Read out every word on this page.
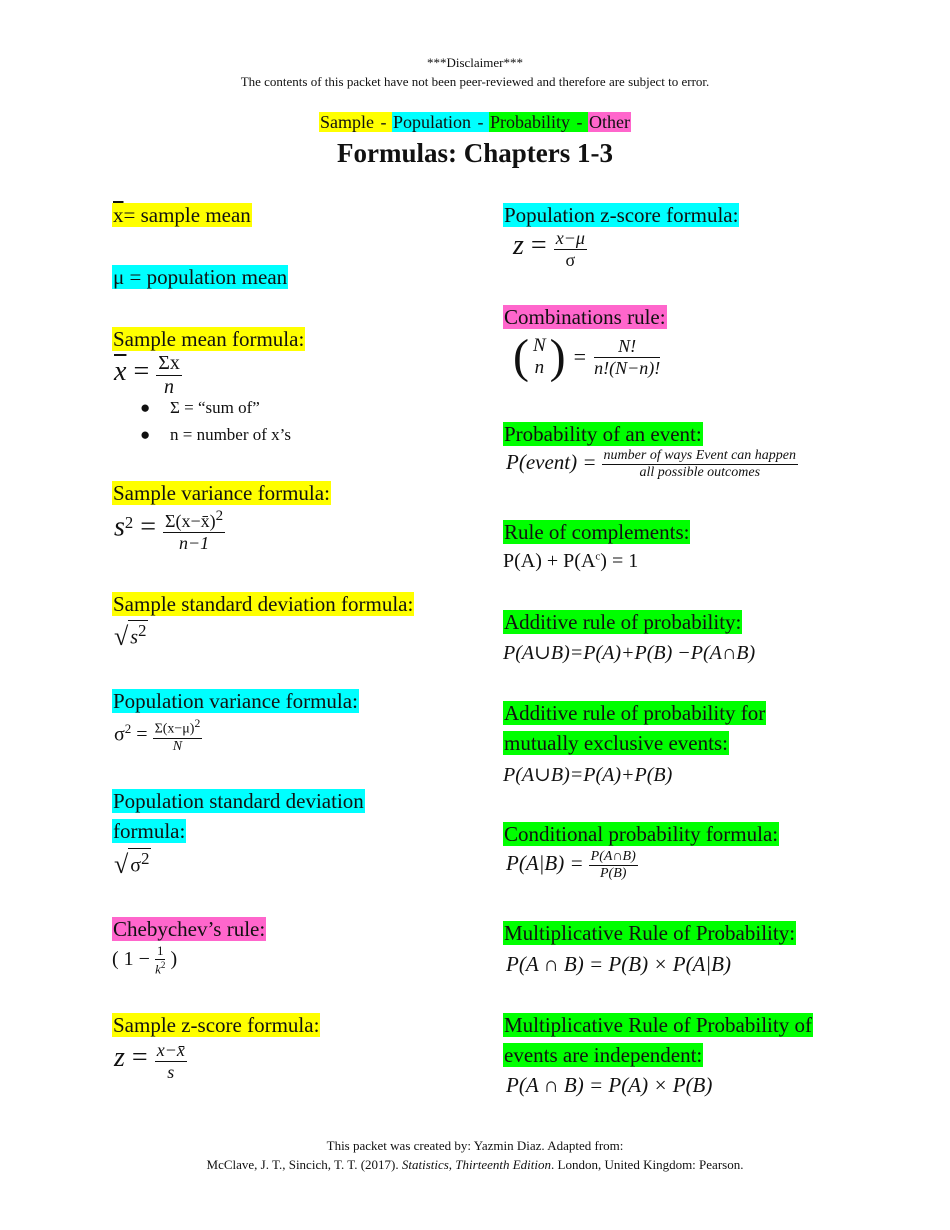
***Disclaimer***
The contents of this packet have not been peer-reviewed and therefore are subject to error.
Sample - Population - Probability - Other
Formulas: Chapters 1-3
$\overline{x}=$ sample mean
μ = population mean
Sample mean formula:
$\overline{x} = \frac{\Sigma x}{n}$
● Σ = “sum of”
● n = number of x’s
Sample variance formula:
$s^2 = \frac{\Sigma(x-x̄)^2}{n-1}$
Sample standard deviation formula:
√ $s^2$
Population variance formula:
$\sigma^2 = \frac{\Sigma(x-\mu)^2}{N}$
Population standard deviation
formula:
√ $\sigma^2$
Chebychev’s rule:
( $1 - \frac{1}{k^2}$ )
Sample z-score formula:
$z = \frac{x-x̄}{s}$
Population z-score formula:
$z = \frac{x-\mu}{\sigma}$
Combinations rule:
( N
n ) = $\frac{N!}{n!(N-n)!}$
Probability of an event:
P(event) = number of ways Event can happen
all possible outcomes
Rule of complements:
$P(A) + P(A^c) = 1$
Additive rule of probability:
P(A∪B)=P(A)+P(B) −P(A∩B)
Additive rule of probability for
mutually exclusive events:
P(A∪B)=P(A)+P(B)
Conditional probability formula:
$P(A|B) = \frac{P(A\cap B)}{P(B)}$
Multiplicative Rule of Probability:
P(A ∩ B) = P(B) × P(A|B)
Multiplicative Rule of Probability of
events are independent:
P(A ∩ B) = P(A) × P(B)
This packet was created by: Yazmin Diaz. Adapted from:
McClave, J. T., Sincich, T. T. (2017). Statistics, Thirteenth Edition. London, United Kingdom: Pearson.
